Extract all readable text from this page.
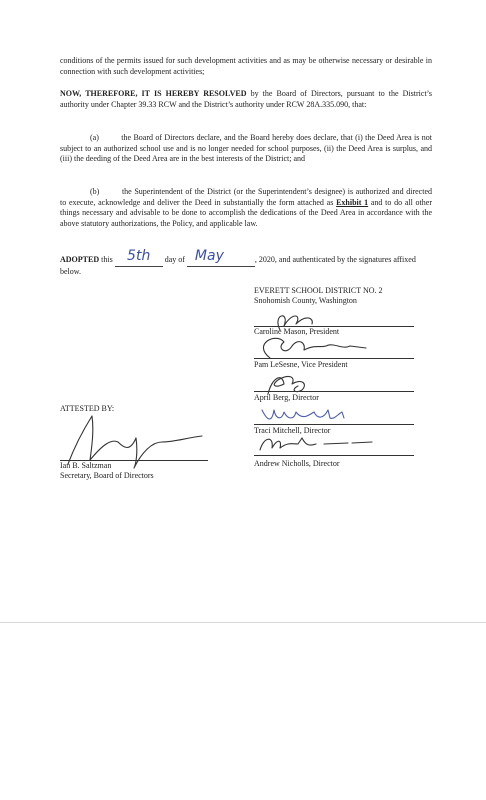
conditions of the permits issued for such development activities and as may be otherwise necessary or desirable in connection with such development activities;
NOW, THEREFORE, IT IS HEREBY RESOLVED by the Board of Directors, pursuant to the District’s authority under Chapter 39.33 RCW and the District’s authority under RCW 28A.335.090, that:
(a)	the Board of Directors declare, and the Board hereby does declare, that (i) the Deed Area is not subject to an authorized school use and is no longer needed for school purposes, (ii) the Deed Area is surplus, and (iii) the deeding of the Deed Area are in the best interests of the District; and
(b)	the Superintendent of the District (or the Superintendent’s designee) is authorized and directed to execute, acknowledge and deliver the Deed in substantially the form attached as Exhibit 1 and to do all other things necessary and advisable to be done to accomplish the dedications of the Deed Area in accordance with the above statutory authorizations, the Policy, and applicable law.
ADOPTED this 5th day of May	, 2020, and authenticated by the signatures affixed below.
EVERETT SCHOOL DISTRICT NO. 2
Snohomish County, Washington
Caroline Mason, President
Pam LeSesne, Vice President
April Berg, Director
Traci Mitchell, Director
Andrew Nicholls, Director
ATTESTED BY:
Ian B. Saltzman
Secretary, Board of Directors
